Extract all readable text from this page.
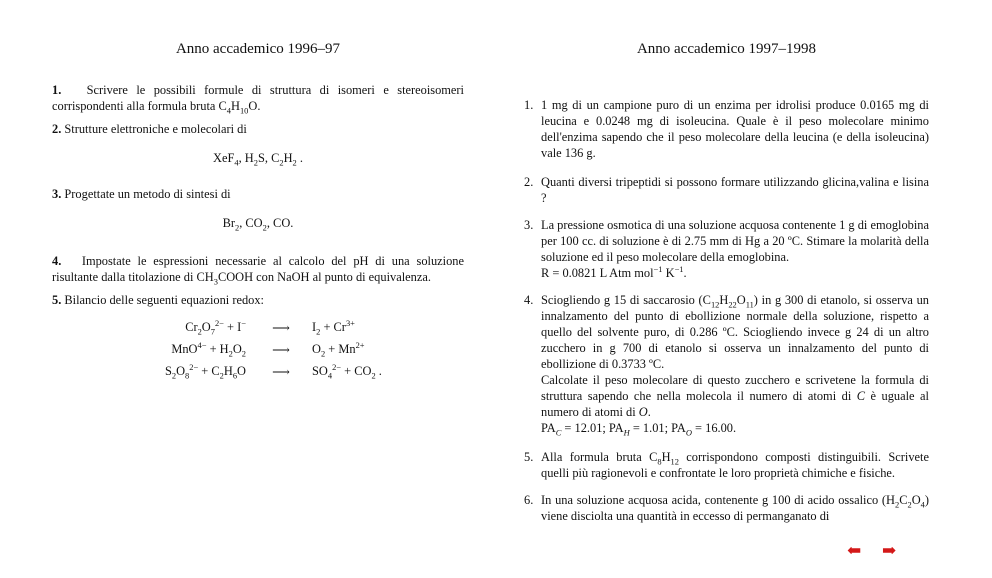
Anno accademico 1996–97
1. Scrivere le possibili formule di struttura di isomeri e stereoisomeri corrispondenti alla formula bruta $C_4H_{10}O$.
2. Strutture elettroniche e molecolari di
XeF$_4$, $H_2S$, $C_2H_2$ .
3. Progettate un metodo di sintesi di
$Br_2$, $CO_2$, CO.
4. Impostate le espressioni necessarie al calcolo del pH di una soluzione risultante dalla titolazione di $CH_3COOH$ con NaOH al punto di equivalenza.
5. Bilancio delle seguenti equazioni redox:
$Cr_2O_7^{2-} + I^-$	⟶	$I_2 + Cr^{3+}$
$MnO^{4-} + H_2O_2$	⟶	$O_2 + Mn^{2+}$
$S_2O_8^{2-} + C_2H_6O$	⟶	$SO_4^{2-} + CO_2$ .
Anno accademico 1997–1998
1. 1 mg di un campione puro di un enzima per idrolisi produce 0.0165 mg di leucina e 0.0248 mg di isoleucina. Quale è il peso molecolare minimo dell'enzima sapendo che il peso molecolare della leucina (e della isoleucina) vale 136 g.
2. Quanti diversi tripeptidi si possono formare utilizzando glicina,valina e lisina ?
3. La pressione osmotica di una soluzione acquosa contenente 1 g di emoglobina per 100 cc. di soluzione è di 2.75 mm di Hg a 20 ºC. Stimare la molarità della soluzione ed il peso molecolare della emoglobina.
R = 0.0821 L Atm mol$^{-1}$ $K^{-1}$.
4. Sciogliendo g 15 di saccarosio $(C_{12}H_{22}O_{11})$ in g 300 di etanolo, si osserva un innalzamento del punto di ebollizione normale della soluzione, rispetto a quello del solvente puro, di 0.286 ºC. Sciogliendo invece g 24 di un altro zucchero in g 700 di etanolo si osserva un innalzamento del punto di ebollizione di 0.3733 ºC.
Calcolate il peso molecolare di questo zucchero e scrivetene la formula di struttura sapendo che nella molecola il numero di atomi di C è uguale al numero di atomi di O.
$PA_C = 12.01$; $PA_H = 1.01$; $PA_O = 16.00$.
5. Alla formula bruta $C_8H_{12}$ corrispondono composti distinguibili. Scrivete quelli più ragionevoli e confrontate le loro proprietà chimiche e fisiche.
6. In una soluzione acquosa acida, contenente g 100 di acido ossalico $(H_2C_2O_4)$ viene disciolta una quantità in eccesso di permanganato di
⬅ ➡
